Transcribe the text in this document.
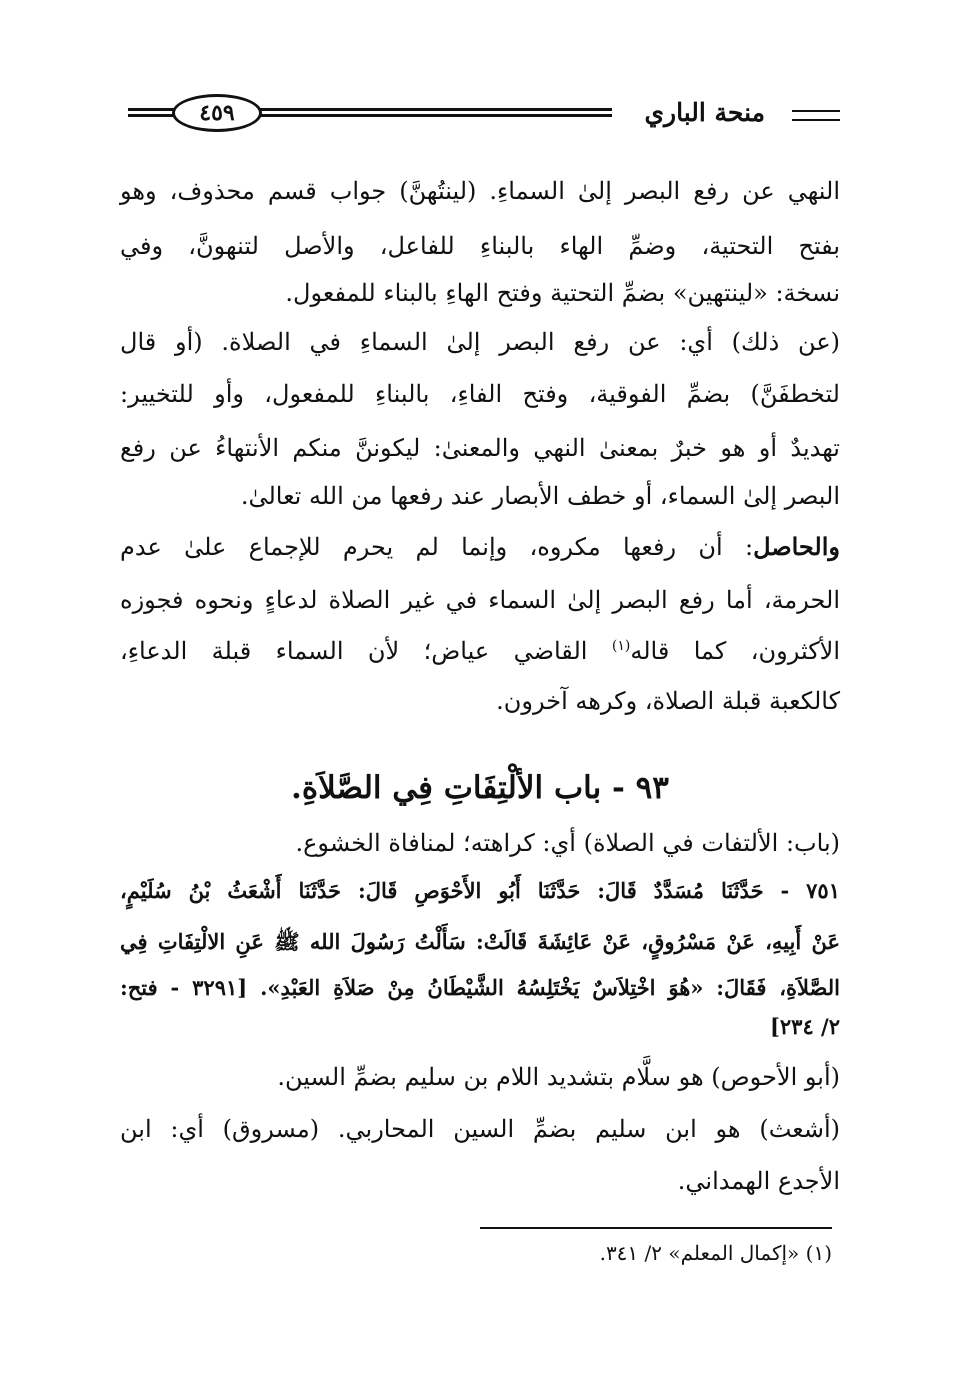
منحة الباري
٤٥٩
النهي عن رفع البصر إلىٰ السماءِ. (لينتُهنَّ) جواب قسم محذوف، وهو
بفتح التحتية، وضمِّ الهاء بالبناءِ للفاعل، والأصل لتنهونَّ، وفي
نسخة: «لينتهين» بضمِّ التحتية وفتح الهاءِ بالبناء للمفعول.
(عن ذلك) أي: عن رفع البصر إلىٰ السماءِ في الصلاة. (أو قال
لتخطفَنَّ) بضمِّ الفوقية، وفتح الفاءِ، بالبناءِ للمفعول، وأو للتخيير:
تهديدٌ أو هو خبرٌ بمعنىٰ النهي والمعنىٰ: ليكوننَّ منكم الأنتهاءُ عن رفع
البصر إلىٰ السماء، أو خطف الأبصار عند رفعها من الله تعالىٰ.
والحاصل: أن رفعها مكروه، وإنما لم يحرم للإجماع علىٰ عدم
الحرمة، أما رفع البصر إلىٰ السماء في غير الصلاة لدعاءٍ ونحوه فجوزه
الأكثرون، كما قاله$^{(١)}$ القاضي عياض؛ لأن السماء قبلة الدعاءِ،
كالكعبة قبلة الصلاة، وكرهه آخرون.
٩٣ - باب الألْتِفَاتِ فِي الصَّلاَةِ.
(باب: الألتفات في الصلاة) أي: كراهته؛ لمنافاة الخشوع.
٧٥١ - حَدَّثَنَا مُسَدَّدٌ قَالَ: حَدَّثَنَا أَبُو الأَحْوَصِ قَالَ: حَدَّثَنَا أَشْعَثُ بْنُ سُلَيْمٍ،
عَنْ أَبِيهِ، عَنْ مَسْرُوقٍ، عَنْ عَائِشَةَ قَالَتْ: سَأَلْتُ رَسُولَ الله ﷺ عَنِ الالْتِفَاتِ فِي
الصَّلاَةِ، فَقَالَ: «هُوَ اخْتِلاَسٌ يَخْتَلِسُهُ الشَّيْطَانُ مِنْ صَلاَةِ العَبْدِ». [٣٢٩١ - فتح:
٢/ ٢٣٤]
(أبو الأحوص) هو سلَّام بتشديد اللام بن سليم بضمِّ السين.
(أشعث) هو ابن سليم بضمِّ السين المحاربي. (مسروق) أي: ابن
الأجدع الهمداني.
(١) «إكمال المعلم» ٢/ ٣٤١.
